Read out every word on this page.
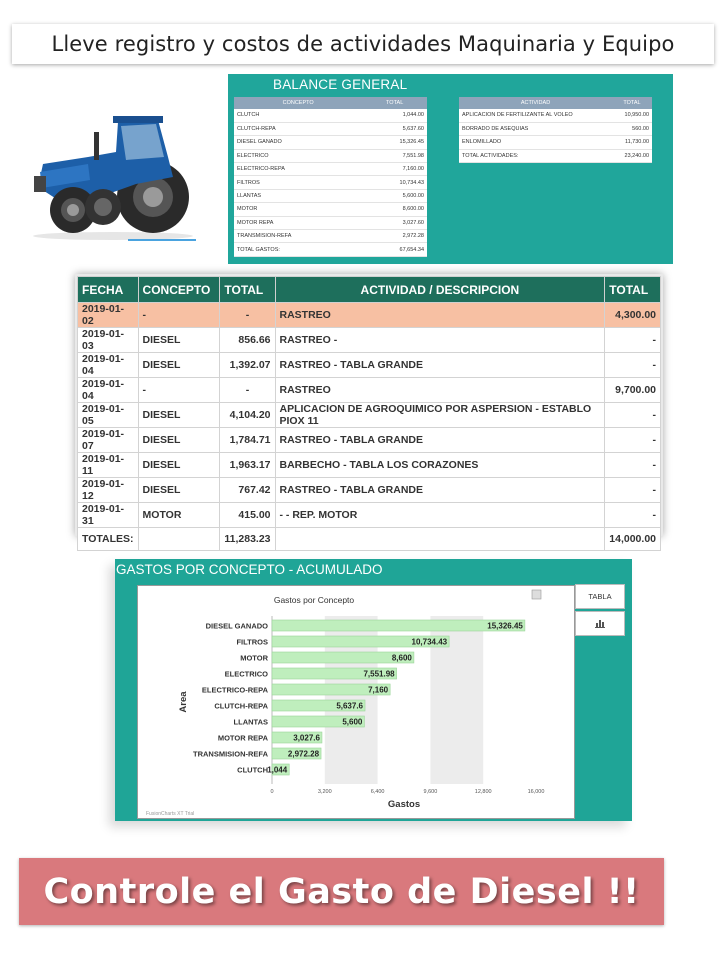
Lleve registro y costos de actividades Maquinaria y Equipo
BALANCE GENERAL
CONCEPTO	TOTAL
CLUTCH	1,044.00
CLUTCH-REPA	5,637.60
DIESEL GANADO	15,326.45
ELECTRICO	7,551.98
ELECTRICO-REPA	7,160.00
FILTROS	10,734.43
LLANTAS	5,600.00
MOTOR	8,600.00
MOTOR REPA	3,027.60
TRANSMISION-REFA	2,972.28
TOTAL GASTOS:	67,654.34
ACTIVIDAD	TOTAL
APLICACION DE FERTILIZANTE AL VOLEO	10,950.00
BORRADO DE ASEQUIAS	560.00
ENLOMILLADO	11,730.00
TOTAL ACTIVIDADES:	23,240.00
FECHA	CONCEPTO	TOTAL	ACTIVIDAD / DESCRIPCION	TOTAL
2019-01-02	-	-	RASTREO	4,300.00
2019-01-03	DIESEL	856.66	RASTREO -	-
2019-01-04	DIESEL	1,392.07	RASTREO - TABLA GRANDE	-
2019-01-04	-	-	RASTREO	9,700.00
2019-01-05	DIESEL	4,104.20	APLICACION DE AGROQUIMICO POR ASPERSION - ESTABLO PIOX 11	-
2019-01-07	DIESEL	1,784.71	RASTREO - TABLA GRANDE	-
2019-01-11	DIESEL	1,963.17	BARBECHO - TABLA LOS CORAZONES	-
2019-01-12	DIESEL	767.42	RASTREO - TABLA GRANDE	-
2019-01-31	MOTOR	415.00	- - REP. MOTOR	-
TOTALES:		11,283.23		14,000.00
GASTOS POR CONCEPTO - ACUMULADO
Gastos por Concepto
DIESEL GANADO	15,326.45
FILTROS	10,734.43
MOTOR	8,600
ELECTRICO	7,551.98
ELECTRICO-REPA	7,160
CLUTCH-REPA	5,637.6
LLANTAS	5,600
MOTOR REPA	3,027.6
TRANSMISION-REFA 2,972.28
CLUTCH 1,044
0	3,200	6,400	9,600	12,800	16,000
Gastos
Area
FusionCharts XT Trial
TABLA
Controle el Gasto de Diesel !!
